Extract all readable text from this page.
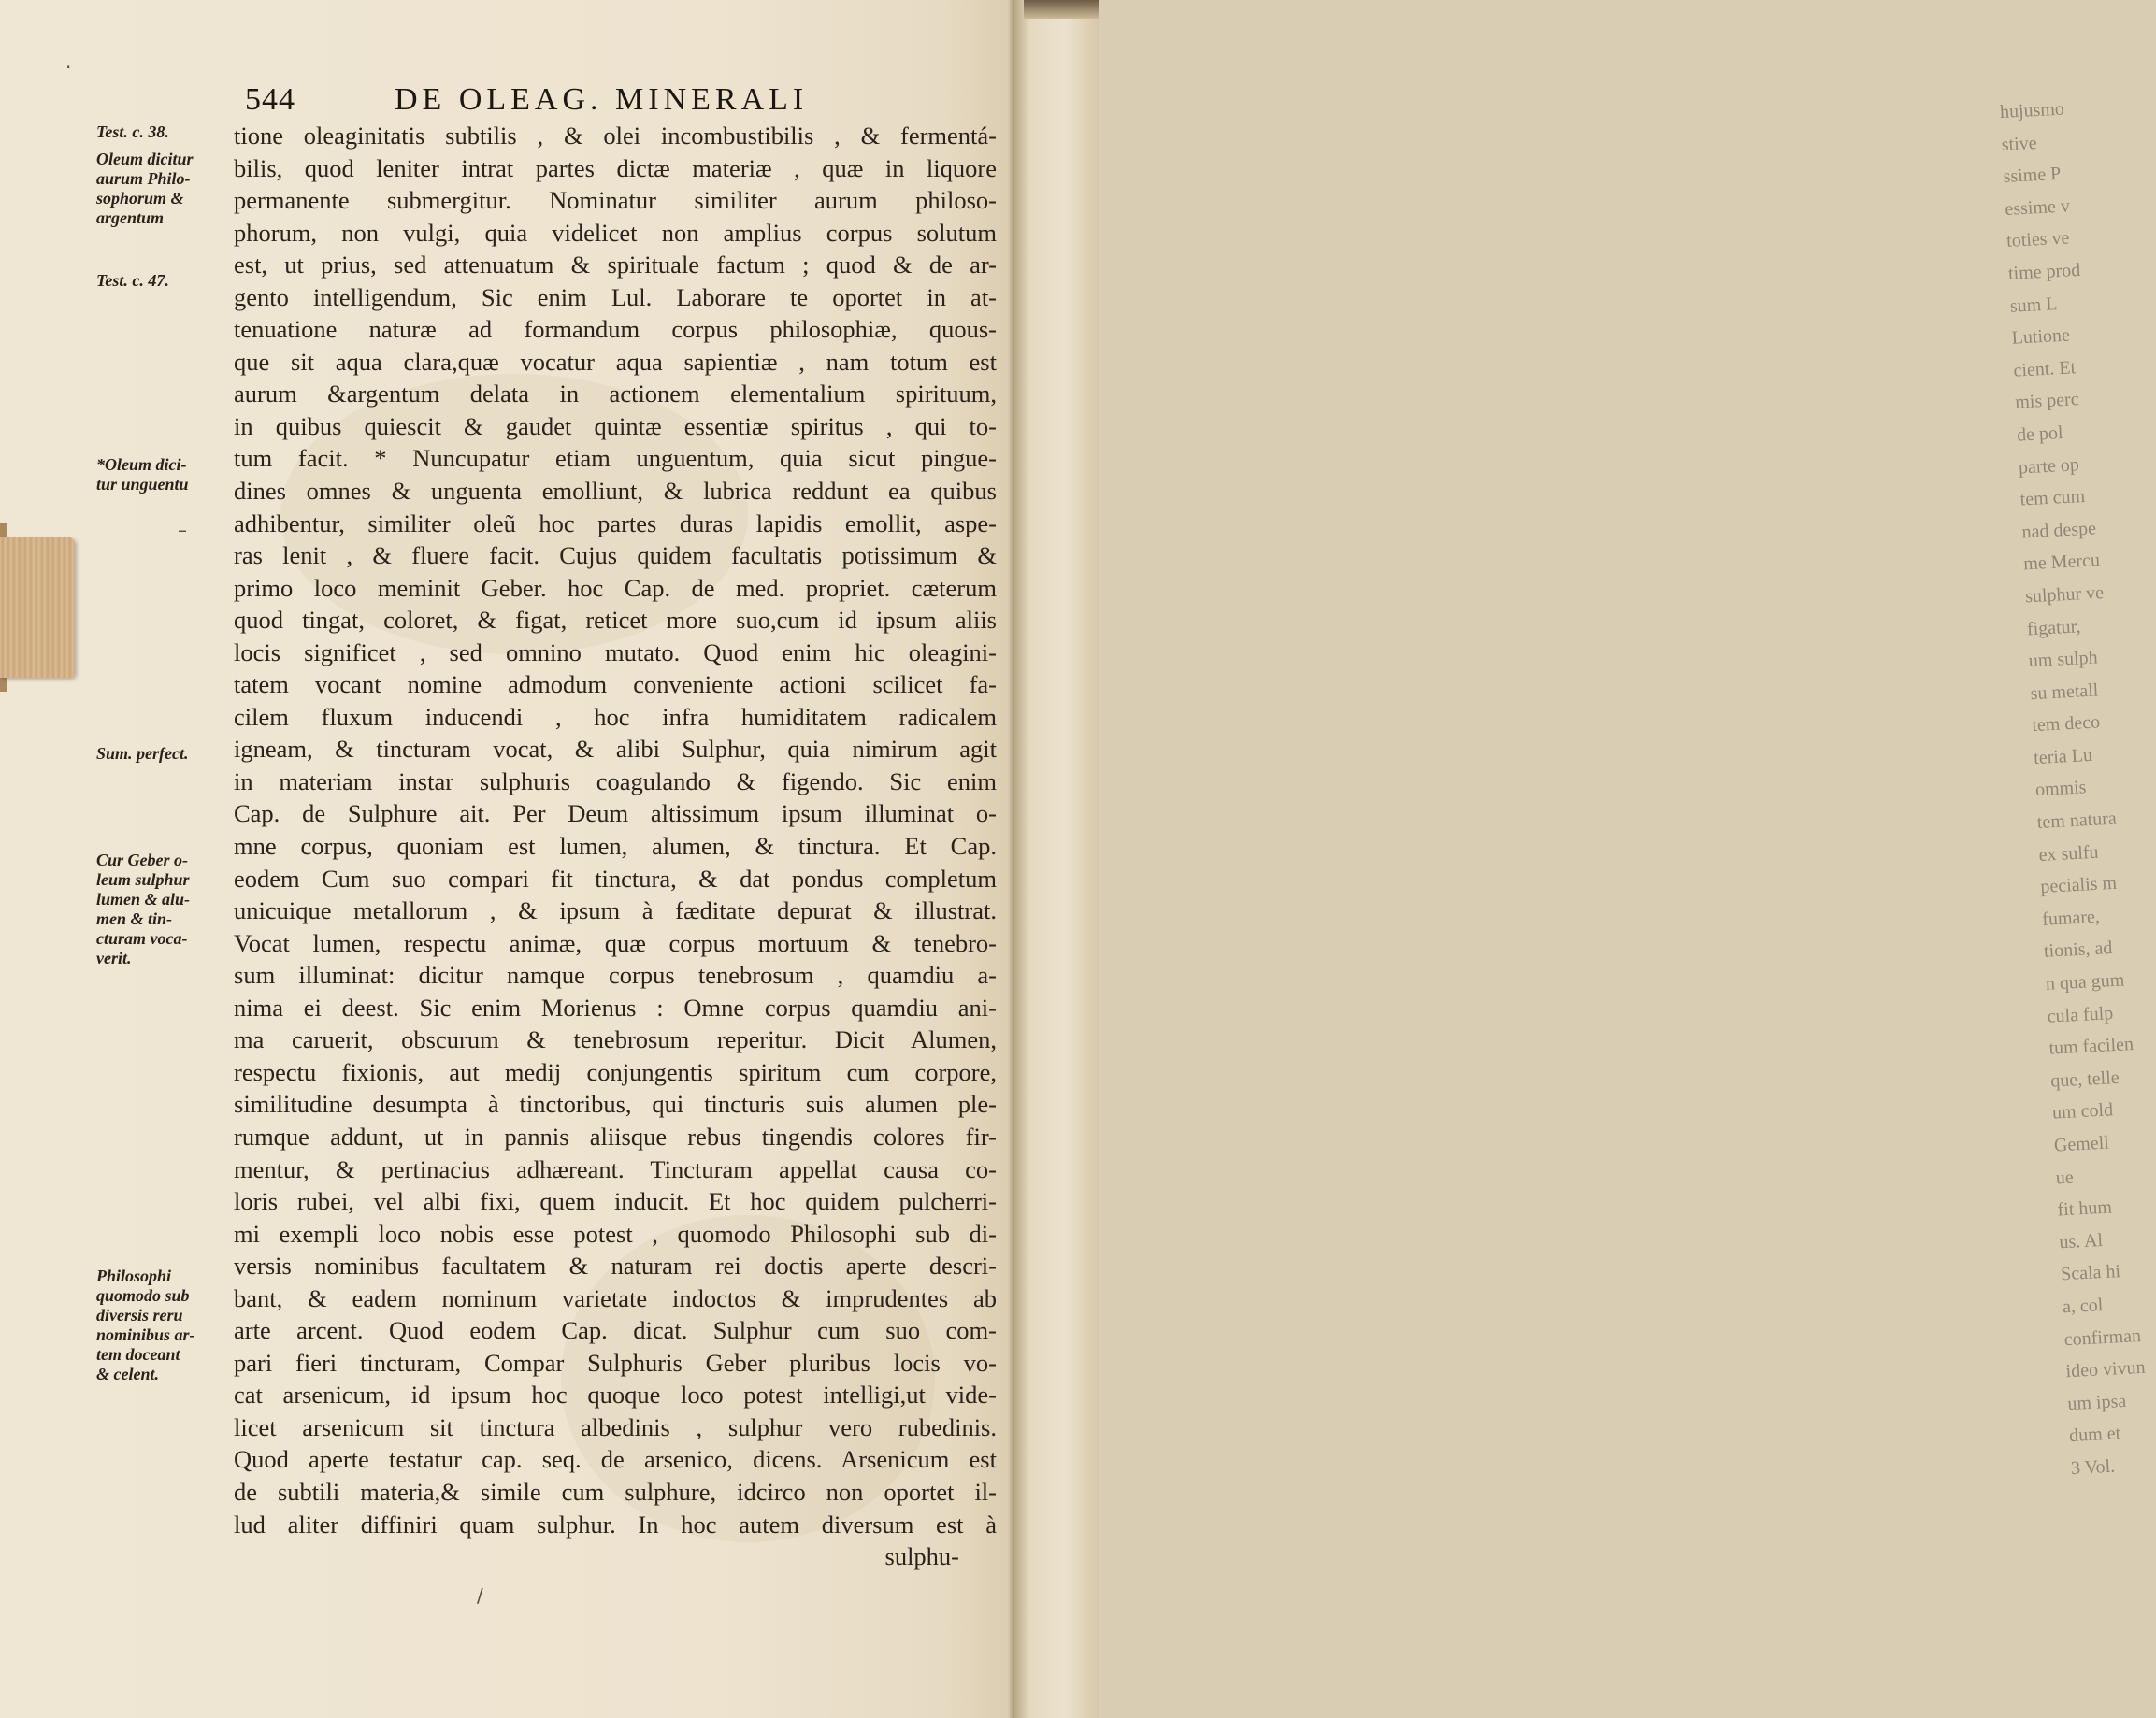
544	DE OLEAG. MINERALI
Test. c. 38.
Oleum dicitur
aurum Philo-
sophorum &
argentum
Test. c. 47.
*Oleum dici-
tur unguentu
Sum. perfect.
Cur Geber o-
leum sulphur
lumen & alu-
men & tin-
cturam voca-
verit.
Philosophi
quomodo sub
diversis reru
nominibus ar-
tem doceant
& celent.
·
–
/
tione oleaginitatis subtilis , & olei incombustibilis , & fermentá-
bilis, quod leniter intrat partes dictæ materiæ , quæ in liquore
permanente submergitur. Nominatur similiter aurum philoso-
phorum, non vulgi, quia videlicet non amplius corpus solutum
est, ut prius, sed attenuatum & spirituale factum ; quod & de ar-
gento intelligendum, Sic enim Lul. Laborare te oportet in at-
tenuatione naturæ ad formandum corpus philosophiæ, quous-
que sit aqua clara,quæ vocatur aqua sapientiæ , nam totum est
aurum &argentum delata in actionem elementalium spirituum,
in quibus quiescit & gaudet quintæ essentiæ spiritus , qui to-
tum facit. * Nuncupatur etiam unguentum, quia sicut pingue-
dines omnes & unguenta emolliunt, & lubrica reddunt ea quibus
adhibentur, similiter oleũ hoc partes duras lapidis emollit, aspe-
ras lenit , & fluere facit. Cujus quidem facultatis potissimum &
primo loco meminit Geber. hoc Cap. de med. propriet. cæterum
quod tingat, coloret, & figat, reticet more suo,cum id ipsum aliis
locis significet , sed omnino mutato. Quod enim hic oleagini-
tatem vocant nomine admodum conveniente actioni scilicet fa-
cilem fluxum inducendi , hoc infra humiditatem radicalem
igneam, & tincturam vocat, & alibi Sulphur, quia nimirum agit
in materiam instar sulphuris coagulando & figendo. Sic enim
Cap. de Sulphure ait. Per Deum altissimum ipsum illuminat o-
mne corpus, quoniam est lumen, alumen, & tinctura. Et Cap.
eodem Cum suo compari fit tinctura, & dat pondus completum
unicuique metallorum , & ipsum à fæditate depurat & illustrat.
Vocat lumen, respectu animæ, quæ corpus mortuum & tenebro-
sum illuminat: dicitur namque corpus tenebrosum , quamdiu a-
nima ei deest. Sic enim Morienus : Omne corpus quamdiu ani-
ma caruerit, obscurum & tenebrosum reperitur. Dicit Alumen,
respectu fixionis, aut medij conjungentis spiritum cum corpore,
similitudine desumpta à tinctoribus, qui tincturis suis alumen ple-
rumque addunt, ut in pannis aliisque rebus tingendis colores fir-
mentur, & pertinacius adhæreant. Tincturam appellat causa co-
loris rubei, vel albi fixi, quem inducit. Et hoc quidem pulcherri-
mi exempli loco nobis esse potest , quomodo Philosophi sub di-
versis nominibus facultatem & naturam rei doctis aperte descri-
bant, & eadem nominum varietate indoctos & imprudentes ab
arte arcent. Quod eodem Cap. dicat. Sulphur cum suo com-
pari fieri tincturam, Compar Sulphuris Geber pluribus locis vo-
cat arsenicum, id ipsum hoc quoque loco potest intelligi,ut vide-
licet arsenicum sit tinctura albedinis , sulphur vero rubedinis.
Quod aperte testatur cap. seq. de arsenico, dicens. Arsenicum est
de subtili materia,& simile cum sulphure, idcirco non oportet il-
lud aliter diffiniri quam sulphur. In hoc autem diversum est à
sulphu-
hujusmo
stive
ssime P
essime v
toties ve
time prod
sum L
Lutione
cient. Et
mis perc
de pol
parte op
tem cum
nad despe
me Mercu
sulphur ve
figatur,
um sulph
su metall
tem deco
teria Lu
ommis
tem natura
ex sulfu
pecialis m
fumare,
tionis, ad
n qua gum
cula fulp
tum facilen
que, telle
um cold
Gemell
ue
fit hum
us. Al
Scala hi
a, col
confirman
ideo vivun
um ipsa
dum et
3 Vol.
